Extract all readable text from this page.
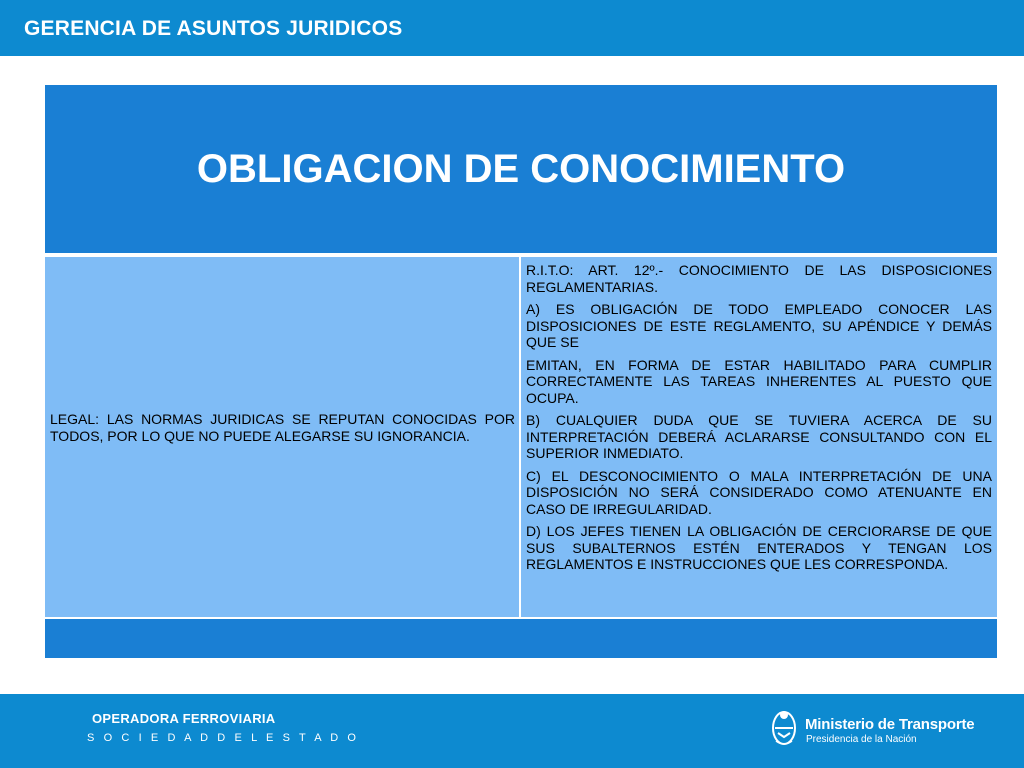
GERENCIA DE ASUNTOS JURIDICOS
OBLIGACION DE CONOCIMIENTO
LEGAL: LAS NORMAS JURIDICAS SE REPUTAN CONOCIDAS POR TODOS, POR LO QUE NO PUEDE ALEGARSE SU IGNORANCIA.

R.I.T.O: ART. 12º.- CONOCIMIENTO DE LAS DISPOSICIONES REGLAMENTARIAS.

A) ES OBLIGACIÓN DE TODO EMPLEADO CONOCER LAS DISPOSICIONES DE ESTE REGLAMENTO, SU APÉNDICE Y DEMÁS QUE SE

EMITAN, EN FORMA DE ESTAR HABILITADO PARA CUMPLIR CORRECTAMENTE LAS TAREAS INHERENTES AL PUESTO QUE OCUPA.

B) CUALQUIER DUDA QUE SE TUVIERA ACERCA DE SU INTERPRETACIÓN DEBERÁ ACLARARSE CONSULTANDO CON EL SUPERIOR INMEDIATO.

C) EL DESCONOCIMIENTO O MALA INTERPRETACIÓN DE UNA DISPOSICIÓN NO SERÁ CONSIDERADO COMO ATENUANTE EN CASO DE IRREGULARIDAD.

D) LOS JEFES TIENEN LA OBLIGACIÓN DE CERCIORARSE DE QUE SUS SUBALTERNOS ESTÉN ENTERADOS Y TENGAN LOS REGLAMENTOS E INSTRUCCIONES QUE LES CORRESPONDA.

OPERADORA FERROVIARIA
S O C I E D A D D E L E S T A D O
Ministerio de Transporte
Presidencia de la Nación
